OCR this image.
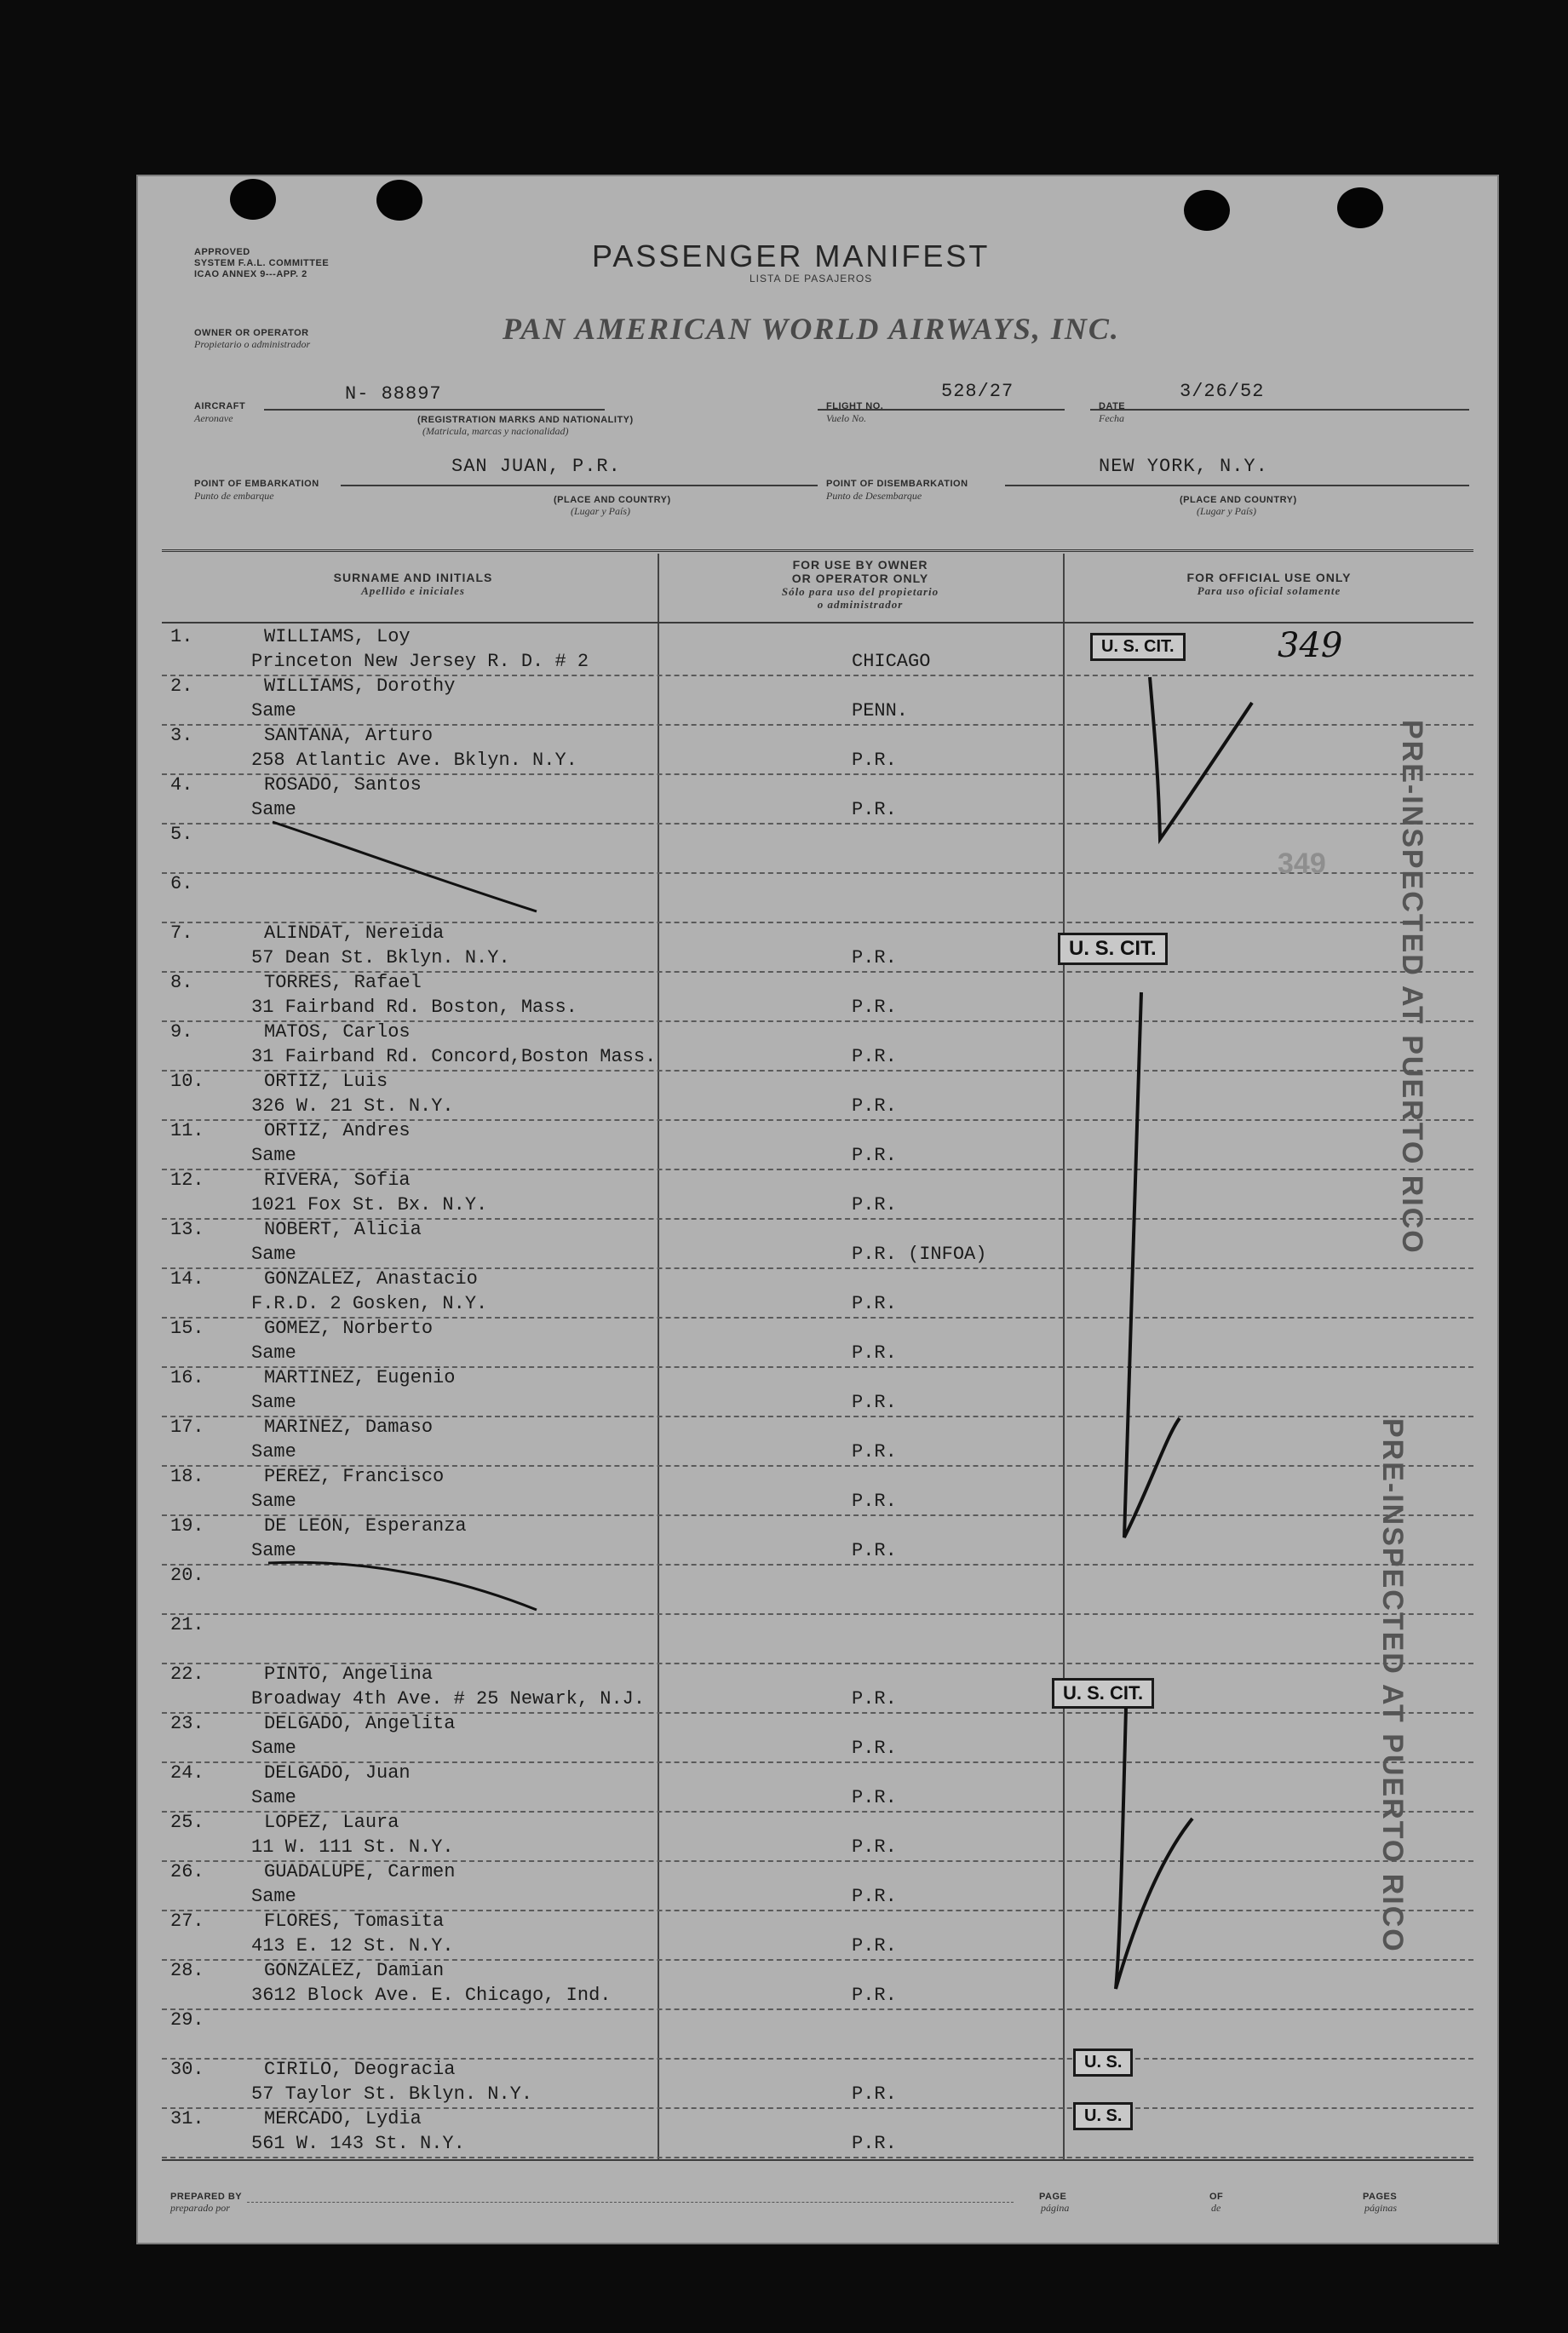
APPROVED
SYSTEM F.A.L. COMMITTEE
ICAO ANNEX 9---APP. 2
PASSENGER MANIFEST
LISTA DE PASAJEROS
OWNER OR OPERATOR
Propietario o administrador	PAN AMERICAN WORLD AIRWAYS, INC.
AIRCRAFT
Aeronave
N- 88897
(REGISTRATION MARKS AND NATIONALITY)
(Matricula, marcas y nacionalidad)
FLIGHT NO.
Vuelo No.
528/27
DATE
Fecha
3/26/52
POINT OF EMBARKATION
Punto de embarque
SAN JUAN, P.R.
(PLACE AND COUNTRY)
(Lugar y País)
POINT OF DISEMBARKATION
Punto de Desembarque
NEW YORK, N.Y.
(PLACE AND COUNTRY)
(Lugar y País)
SURNAME AND INITIALS
Apellido e iniciales
FOR USE BY OWNER
OR OPERATOR ONLY
Sólo para uso del propietario
o administrador
FOR OFFICIAL USE ONLY
Para uso oficial solamente
1.	WILLIAMS, Loy
Princeton New Jersey R. D. # 2	CHICAGO
2.	WILLIAMS, Dorothy
Same	PENN.
3.	SANTANA, Arturo
258 Atlantic Ave. Bklyn. N.Y.	P.R.
4.	ROSADO, Santos
Same	P.R.
5.
6.
7.	ALINDAT, Nereida
57 Dean St. Bklyn. N.Y.	P.R.
8.	TORRES, Rafael
31 Fairband Rd. Boston, Mass.	P.R.
9.	MATOS, Carlos
31 Fairband Rd. Concord,Boston Mass.	P.R.
10.	ORTIZ, Luis
326 W. 21 St. N.Y.	P.R.
11.	ORTIZ, Andres
Same	P.R.
12.	RIVERA, Sofia
1021 Fox St. Bx. N.Y.	P.R.
13.	NOBERT, Alicia
Same	P.R. (INFOA)
14.	GONZALEZ, Anastacio
F.R.D. 2 Gosken, N.Y.	P.R.
15.	GOMEZ, Norberto
Same	P.R.
16.	MARTINEZ, Eugenio
Same	P.R.
17.	MARINEZ, Damaso
Same	P.R.
18.	PEREZ, Francisco
Same	P.R.
19.	DE LEON, Esperanza
Same	P.R.
20.
21.
22.	PINTO, Angelina
Broadway 4th Ave. # 25 Newark, N.J.	P.R.
23.	DELGADO, Angelita
Same	P.R.
24.	DELGADO, Juan
Same	P.R.
25.	LOPEZ, Laura
11 W. 111 St. N.Y.	P.R.
26.	GUADALUPE, Carmen
Same	P.R.
27.	FLORES, Tomasita
413 E. 12 St. N.Y.	P.R.
28.	GONZALEZ, Damian
3612 Block Ave. E. Chicago, Ind.	P.R.
29.
30.	CIRILO, Deogracia
57 Taylor St. Bklyn. N.Y.	P.R.
31.	MERCADO, Lydia
561 W. 143 St. N.Y.	P.R.
U. S. CIT.	349
349
U. S. CIT.
U. S. CIT.
U. S.
U. S.
PRE-INSPECTED AT PUERTO RICO
PRE-INSPECTED AT PUERTO RICO
PREPARED BY
preparado por
PAGE
página
OF
de
PAGES
páginas
